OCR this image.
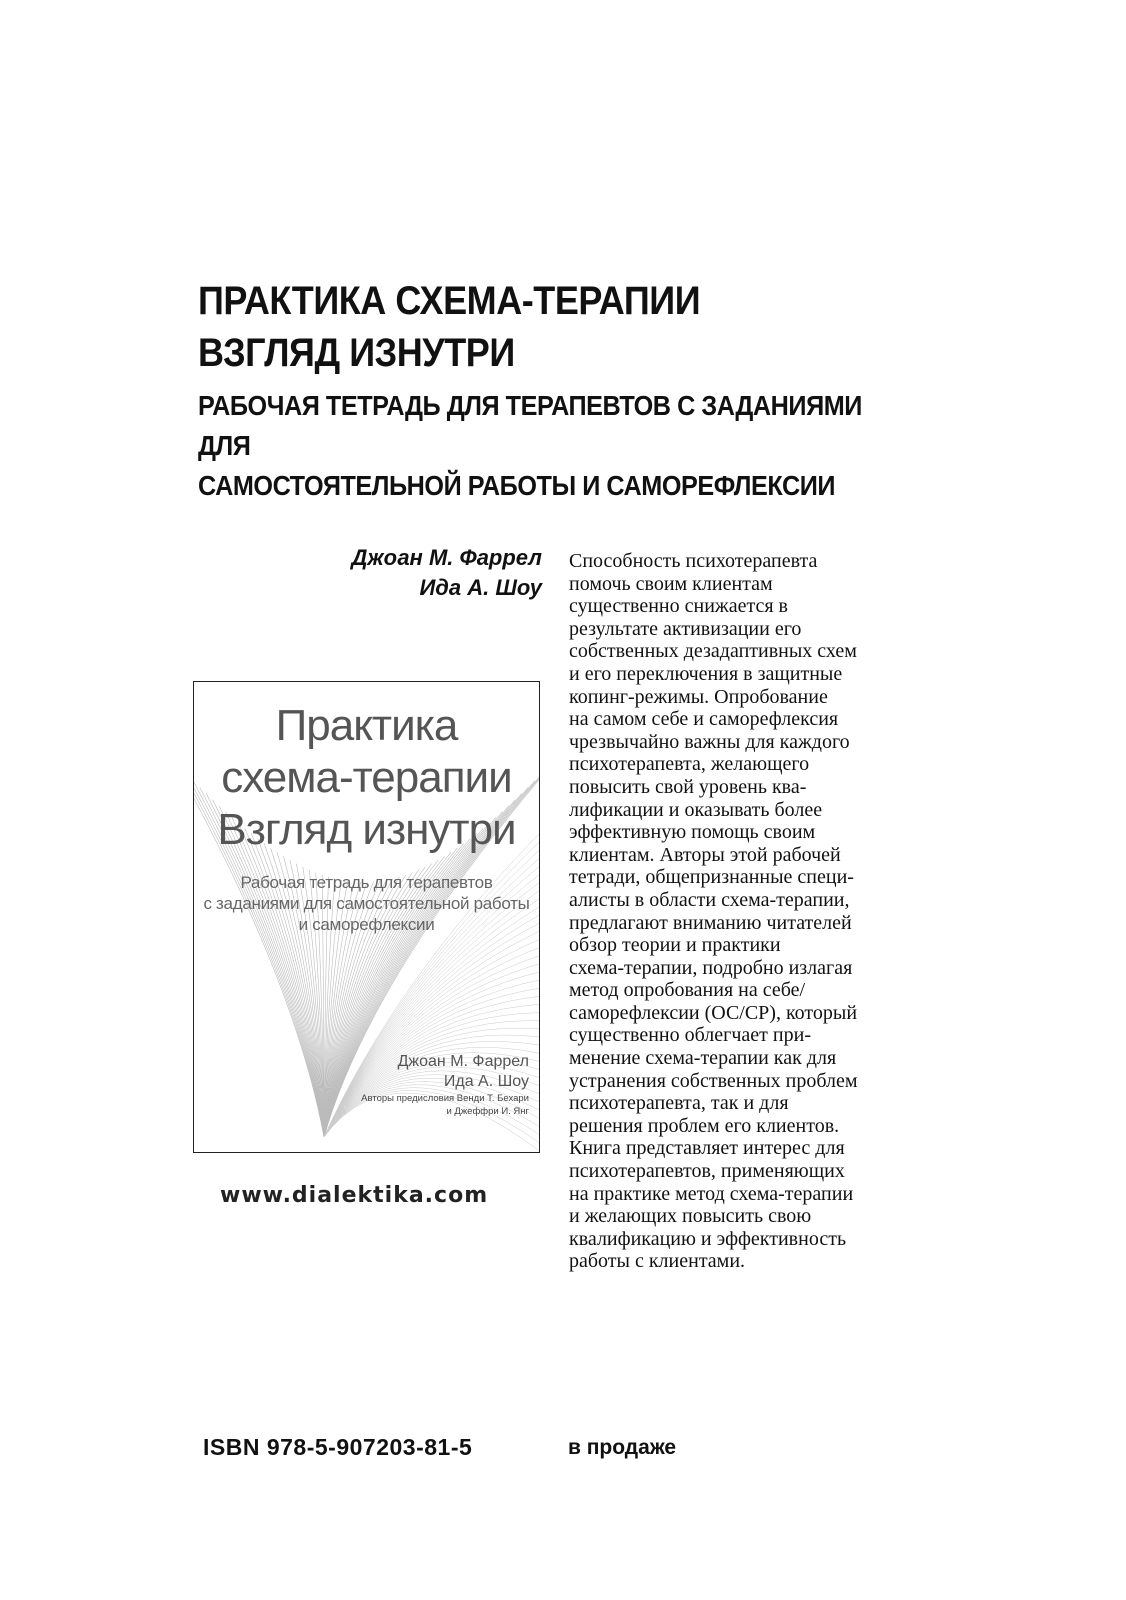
ПРАКТИКА СХЕМА-ТЕРАПИИ
ВЗГЛЯД ИЗНУТРИ
РАБОЧАЯ ТЕТРАДЬ ДЛЯ ТЕРАПЕВТОВ С ЗАДАНИЯМИ ДЛЯ
САМОСТОЯТЕЛЬНОЙ РАБОТЫ И САМОРЕФЛЕКСИИ
Джоан М. Фаррел
Ида А. Шоу
Практика
схема-терапии
Взгляд изнутри
Рабочая тетрадь для терапевтов
с заданиями для самостоятельной работы
и саморефлексии
Джоан М. Фаррел
Ида А. Шоу
Авторы предисловия Венди Т. Бехари
и Джеффри И. Янг
www.dialektika.com
Способность психотерапевта
помочь своим клиентам
существенно снижается в
результате активизации его
собственных дезадаптивных схем
и его переключения в защитные
копинг-режимы. Опробование
на самом себе и саморефлексия
чрезвычайно важны для каждого
психотерапевта, желающего
повысить свой уровень ква-
лификации и оказывать более
эффективную помощь своим
клиентам. Авторы этой рабочей
тетради, общепризнанные специ-
алисты в области схема-терапии,
предлагают вниманию читателей
обзор теории и практики
схема-терапии, подробно излагая
метод опробования на себе/
саморефлексии (ОС/СР), который
существенно облегчает при-
менение схема-терапии как для
устранения собственных проблем
психотерапевта, так и для
решения проблем его клиентов.
Книга представляет интерес для
психотерапевтов, применяющих
на практике метод схема-терапии
и желающих повысить свою
квалификацию и эффективность
работы с клиентами.
ISBN 978-5-907203-81-5	в продаже
